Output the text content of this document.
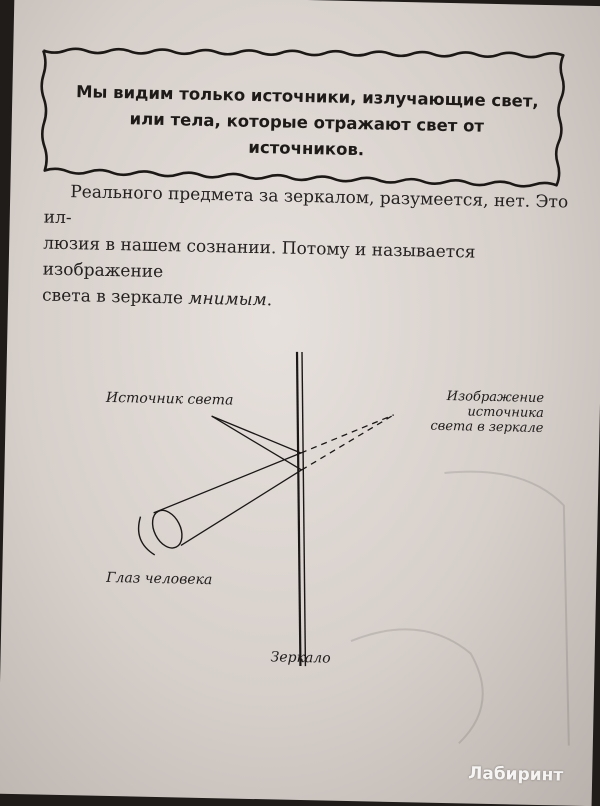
Мы видим только источники, излучающие свет,
или тела, которые отражают свет от источников.
Реального предмета за зеркалом, разумеется, нет. Это ил-
люзия в нашем сознании. Потому и называется изображение
света в зеркале мнимым.
Источник света	Изображение источника
света в зеркале
Глаз человека
Зеркало
Лабиринт
